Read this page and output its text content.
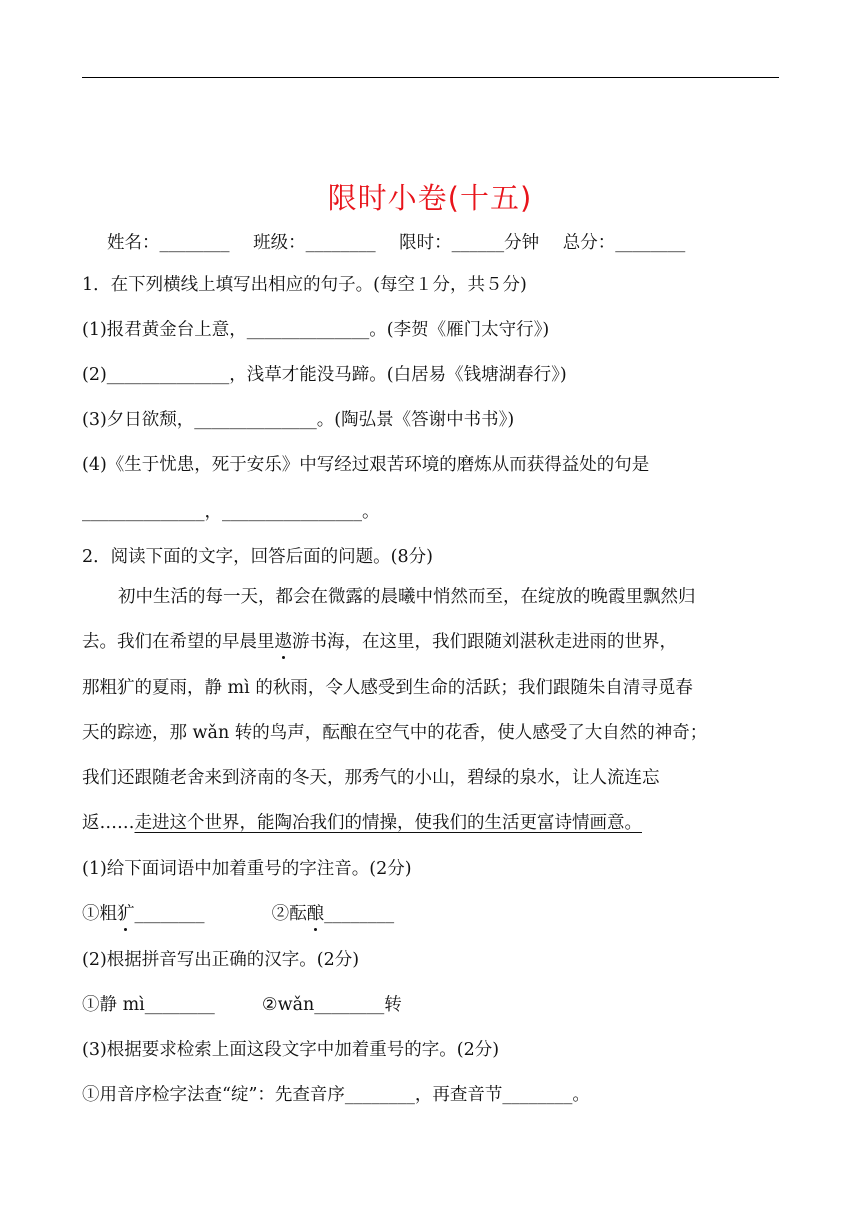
限时小卷(十五)
姓名：________ 班级：________ 限时：______分钟 总分：________
1．在下列横线上填写出相应的句子。(每空１分，共５分)
(1)报君黄金台上意，______________。(李贺《雁门太守行》)
(2)______________，浅草才能没马蹄。(白居易《钱塘湖春行》)
(3)夕日欲颓，______________。(陶弘景《答谢中书书》)
(4)《生于忧患，死于安乐》中写经过艰苦环境的磨炼从而获得益处的句是
______________，________________。
2．阅读下面的文字，回答后面的问题。(8分)
初中生活的每一天，都会在微露的晨曦中悄然而至，在绽放的晚霞里飘然归
去。我们在希望的早晨里遨游书海，在这里，我们跟随刘湛秋走进雨的世界，
那粗犷的夏雨，静 mì 的秋雨，令人感受到生命的活跃；我们跟随朱自清寻觅春
天的踪迹，那 wǎn 转的鸟声，酝酿在空气中的花香，使人感受了大自然的神奇；
我们还跟随老舍来到济南的冬天，那秀气的小山，碧绿的泉水，让人流连忘
返……走进这个世界，能陶冶我们的情操，使我们的生活更富诗情画意。
(1)给下面词语中加着重号的字注音。(2分)
①粗犷________	②酝酿________
(2)根据拼音写出正确的汉字。(2分)
①静 mì________	②wǎn________转
(3)根据要求检索上面这段文字中加着重号的字。(2分)
①用音序检字法查“绽”：先查音序________，再查音节________。
